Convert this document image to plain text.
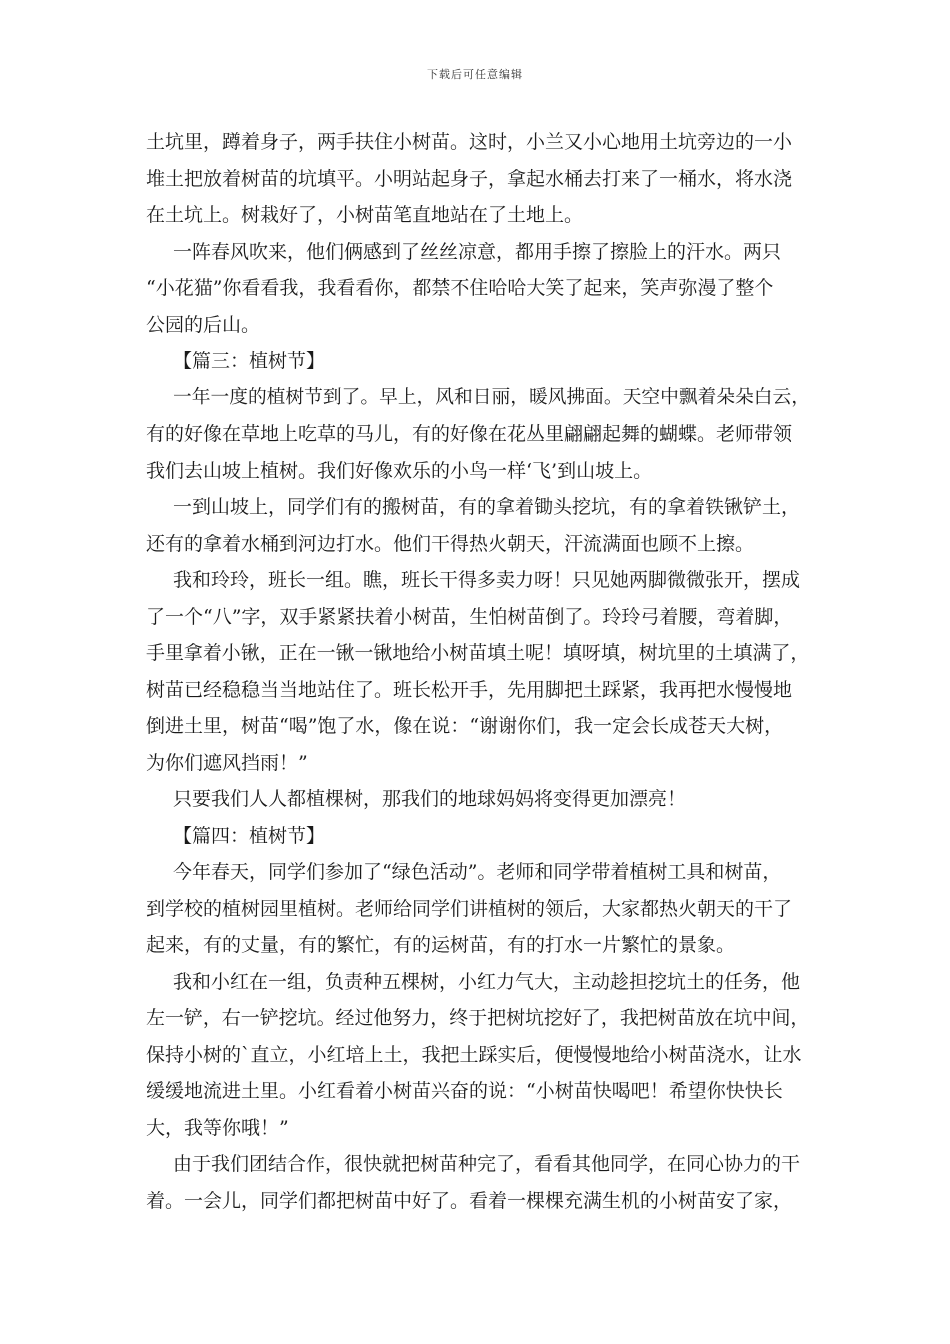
下载后可任意编辑
土坑里，蹲着身子，两手扶住小树苗。这时，小兰又小心地用土坑旁边的一小
堆土把放着树苗的坑填平。小明站起身子，拿起水桶去打来了一桶水，将水浇
在土坑上。树栽好了，小树苗笔直地站在了土地上。
一阵春风吹来，他们俩感到了丝丝凉意，都用手擦了擦脸上的汗水。两只
“小花猫”你看看我，我看看你，都禁不住哈哈大笑了起来，笑声弥漫了整个
公园的后山。
【篇三：植树节】
一年一度的植树节到了。早上，风和日丽，暖风拂面。天空中飘着朵朵白云，
有的好像在草地上吃草的马儿，有的好像在花丛里翩翩起舞的蝴蝶。老师带领
我们去山坡上植树。我们好像欢乐的小鸟一样‘飞’到山坡上。
一到山坡上，同学们有的搬树苗，有的拿着锄头挖坑，有的拿着铁锹铲土，
还有的拿着水桶到河边打水。他们干得热火朝天，汗流满面也顾不上擦。
我和玲玲，班长一组。瞧，班长干得多卖力呀！只见她两脚微微张开，摆成
了一个“八”字，双手紧紧扶着小树苗，生怕树苗倒了。玲玲弓着腰，弯着脚，
手里拿着小锹，正在一锹一锹地给小树苗填土呢！填呀填，树坑里的土填满了，
树苗已经稳稳当当地站住了。班长松开手，先用脚把土踩紧，我再把水慢慢地
倒进土里，树苗“喝”饱了水，像在说：“谢谢你们，我一定会长成苍天大树，
为你们遮风挡雨！”
只要我们人人都植棵树，那我们的地球妈妈将变得更加漂亮！
【篇四：植树节】
今年春天，同学们参加了“绿色活动”。老师和同学带着植树工具和树苗，
到学校的植树园里植树。老师给同学们讲植树的领后，大家都热火朝天的干了
起来，有的丈量，有的繁忙，有的运树苗，有的打水一片繁忙的景象。
我和小红在一组，负责种五棵树，小红力气大，主动趁担挖坑土的任务，他
左一铲，右一铲挖坑。经过他努力，终于把树坑挖好了，我把树苗放在坑中间，
保持小树的`直立，小红培上土，我把土踩实后，便慢慢地给小树苗浇水，让水
缓缓地流进土里。小红看着小树苗兴奋的说：“小树苗快喝吧！希望你快快长
大，我等你哦！”
由于我们团结合作，很快就把树苗种完了，看看其他同学，在同心协力的干
着。一会儿，同学们都把树苗中好了。看着一棵棵充满生机的小树苗安了家，
